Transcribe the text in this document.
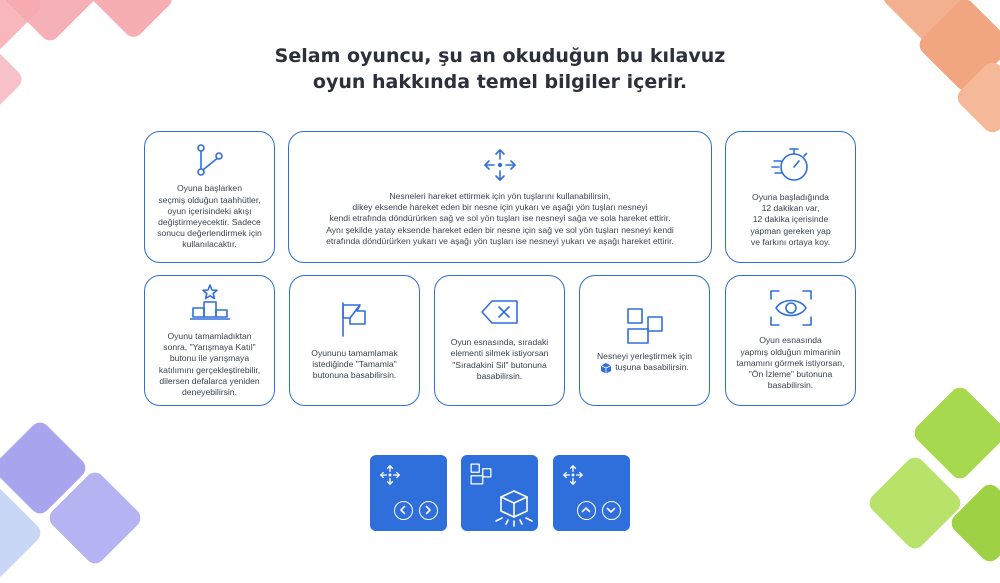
Selam oyuncu, şu an okuduğun bu kılavuz
oyun hakkında temel bilgiler içerir.
Oyuna başlarken
seçmiş olduğun taahhütler,
oyun içerisindeki akışı
değiştirmeyecektir. Sadece
sonucu değerlendirmek için
kullanılacaktır.
Nesneleri hareket ettirmek için yön tuşlarını kullanabilirsin,
dikey eksende hareket eden bir nesne için yukarı ve aşağı yön tuşları nesneyi
kendi etrafında döndürürken sağ ve sol yön tuşları ise nesneyi sağa ve sola hareket ettirir.
Aynı şekilde yatay eksende hareket eden bir nesne için sağ ve sol yön tuşları nesneyi kendi
etrafında döndürürken yukarı ve aşağı yön tuşları ise nesneyi yukarı ve aşağı hareket ettirir.
Oyuna başladığında
12 dakikan var,
12 dakika içerisinde
yapman gereken yap
ve farkını ortaya koy.
Oyunu tamamladıktan
sonra, "Yarışmaya Katıl"
butonu ile yarışmaya
katılımını gerçekleştirebilir,
dilersen defalarca yeniden
deneyebilirsin.
Oyununu tamamlamak
istediğinde "Tamamla"
butonuna basabilirsin.
Oyun esnasında, sıradaki
elementi silmek istiyorsan
"Sıradakini Sil" butonuna
basabilirsin.
Nesneyi yerleştirmek için
tuşuna basabilirsin.
Oyun esnasında
yapmış olduğun mimarinin
tamamını görmek istiyorsan,
"Ön İzleme" butonuna
basabilirsin.
